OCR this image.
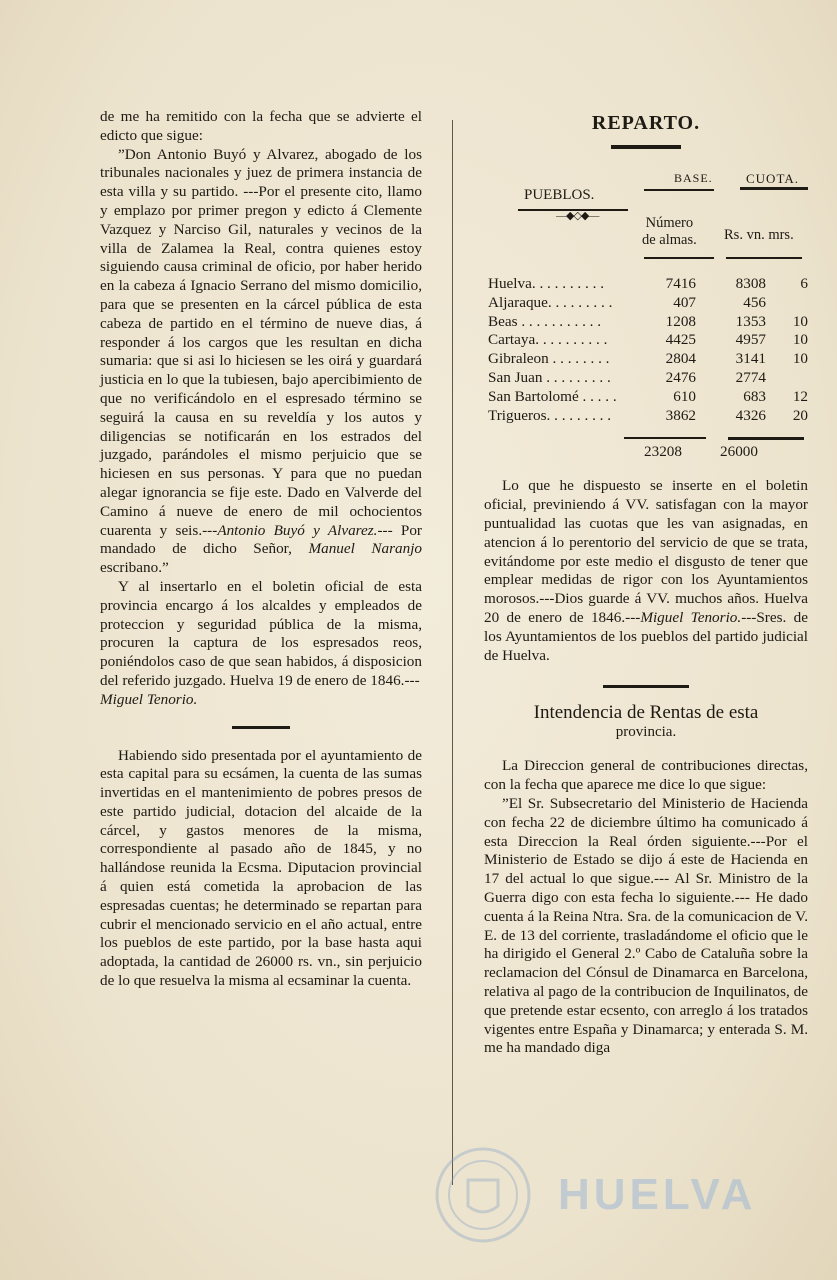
de me ha remitido con la fecha que se advierte el edicto que sigue:

”Don Antonio Buyó y Alvarez, abogado de los tribunales nacionales y juez de primera instancia de esta villa y su partido. ---Por el presente cito, llamo y emplazo por primer pregon y edicto á Clemente Vazquez y Narciso Gil, naturales y vecinos de la villa de Zalamea la Real, contra quienes estoy siguiendo causa criminal de oficio, por haber herido en la cabeza á Ignacio Serrano del mismo domicilio, para que se presenten en la cárcel pública de esta cabeza de partido en el término de nueve dias, á responder á los cargos que les resultan en dicha sumaria: que si asi lo hiciesen se les oirá y guardará justicia en lo que la tubiesen, bajo apercibimiento de que no verificándolo en el espresado término se seguirá la causa en su reveldía y los autos y diligencias se notificarán en los estrados del juzgado, parándoles el mismo perjuicio que se hiciesen en sus personas. Y para que no puedan alegar ignorancia se fije este. Dado en Valverde del Camino á nueve de enero de mil ochocientos cuarenta y seis.---Antonio Buyó y Alvarez.--- Por mandado de dicho Señor, Manuel Naranjo escribano.”

Y al insertarlo en el boletin oficial de esta provincia encargo á los alcaldes y empleados de proteccion y seguridad pública de la misma, procuren la captura de los espresados reos, poniéndolos caso de que sean habidos, á disposicion del referido juzgado. Huelva 19 de enero de 1846.---
Miguel Tenorio.

Habiendo sido presentada por el ayuntamiento de esta capital para su ecsámen, la cuenta de las sumas invertidas en el mantenimiento de pobres presos de este partido judicial, dotacion del alcaide de la cárcel, y gastos menores de la misma, correspondiente al pasado año de 1845, y no hallándose reunida la Ecsma. Diputacion provincial á quien está cometida la aprobacion de las espresadas cuentas; he determinado se repartan para cubrir el mencionado servicio en el año actual, entre los pueblos de este partido, por la base hasta aqui adoptada, la cantidad de 26000 rs. vn., sin perjuicio de lo que resuelva la misma al ecsaminar la cuenta.

REPARTO.
BASE.	CUOTA.
PUEBLOS.
—◆◇◆—	Número
de almas. Rs. vn. mrs.
Huelva. . . . . . . . . .	7416	8308 6
Aljaraque. . . . . . . . .	407	456
Beas . . . . . . . . . . .	1208	1353 10
Cartaya. . . . . . . . . .	4425	4957 10
Gibraleon . . . . . . . .	2804	3141 10
San Juan . . . . . . . . .	2476	2774
San Bartolomé . . . . .	610	683 12
Trigueros. . . . . . . . .	3862	4326 20
23208	26000

Lo que he dispuesto se inserte en el boletin oficial, previniendo á VV. satisfagan con la mayor puntualidad las cuotas que les van asignadas, en atencion á lo perentorio del servicio de que se trata, evitándome por este medio el disgusto de tener que emplear medidas de rigor con los Ayuntamientos morosos.---Dios guarde á VV. muchos años. Huelva 20 de enero de 1846.---Miguel Tenorio.---Sres. de los Ayuntamientos de los pueblos del partido judicial de Huelva.

Intendencia de Rentas de esta
provincia.

La Direccion general de contribuciones directas, con la fecha que aparece me dice lo que sigue:

”El Sr. Subsecretario del Ministerio de Hacienda con fecha 22 de diciembre último ha comunicado á esta Direccion la Real órden siguiente.---Por el Ministerio de Estado se dijo á este de Hacienda en 17 del actual lo que sigue.--- Al Sr. Ministro de la Guerra digo con esta fecha lo siguiente.--- He dado cuenta á la Reina Ntra. Sra. de la comunicacion de V. E. de 13 del corriente, trasladándome el oficio que le ha dirigido el General 2.º Cabo de Cataluña sobre la reclamacion del Cónsul de Dinamarca en Barcelona, relativa al pago de la contribucion de Inquilinatos, de que pretende estar ecsento, con arreglo á los tratados vigentes entre España y Dinamarca; y enterada S. M. me ha mandado diga

HUELVA
